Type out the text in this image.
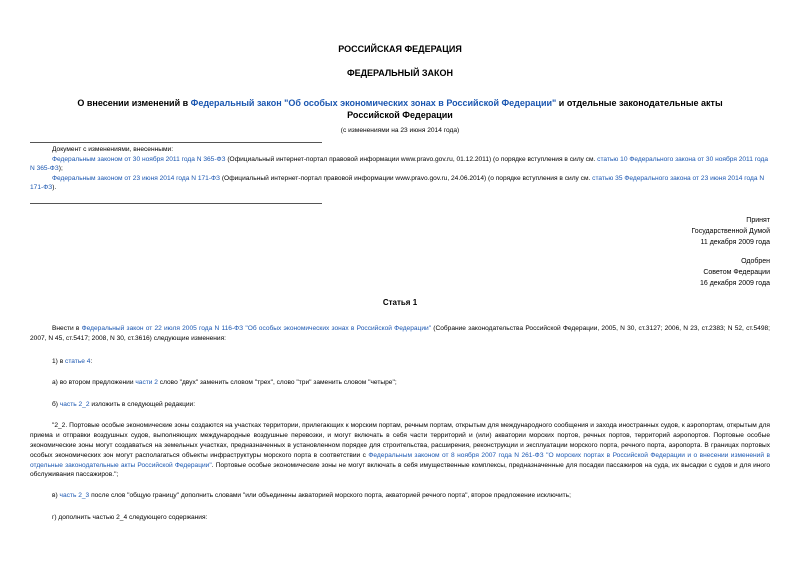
РОССИЙСКАЯ ФЕДЕРАЦИЯ
ФЕДЕРАЛЬНЫЙ ЗАКОН
О внесении изменений в Федеральный закон "Об особых экономических зонах в Российской Федерации" и отдельные законодательные акты Российской Федерации
(с изменениями на 23 июня 2014 года)
Документ с изменениями, внесенными:
Федеральным законом от 30 ноября 2011 года N 365-ФЗ (Официальный интернет-портал правовой информации www.pravo.gov.ru, 01.12.2011) (о порядке вступления в силу см. статью 10 Федерального закона от 30 ноября 2011 года N 365-ФЗ);
Федеральным законом от 23 июня 2014 года N 171-ФЗ (Официальный интернет-портал правовой информации www.pravo.gov.ru, 24.06.2014) (о порядке вступления в силу см. статью 35 Федерального закона от 23 июня 2014 года N 171-ФЗ).
Принят
Государственной Думой
11 декабря 2009 года
Одобрен
Советом Федерации
16 декабря 2009 года
Статья 1
Внести в Федеральный закон от 22 июля 2005 года N 116-ФЗ "Об особых экономических зонах в Российской Федерации" (Собрание законодательства Российской Федерации, 2005, N 30, ст.3127; 2006, N 23, ст.2383; N 52, ст.5498; 2007, N 45, ст.5417; 2008, N 30, ст.3616) следующие изменения:
1) в статье 4:
а) во втором предложении части 2 слово "двух" заменить словом "трех", слово "три" заменить словом "четыре";
б) часть 2_2 изложить в следующей редакции:
"2_2. Портовые особые экономические зоны создаются на участках территории, прилегающих к морским портам, речным портам, открытым для международного сообщения и захода иностранных судов, к аэропортам, открытым для приема и отправки воздушных судов, выполняющих международные воздушные перевозки, и могут включать в себя части территорий и (или) акватории морских портов, речных портов, территорий аэропортов. Портовые особые экономические зоны могут создаваться на земельных участках, предназначенных в установленном порядке для строительства, расширения, реконструкции и эксплуатации морского порта, речного порта, аэропорта. В границах портовых особых экономических зон могут располагаться объекты инфраструктуры морского порта в соответствии с Федеральным законом от 8 ноября 2007 года N 261-ФЗ "О морских портах в Российской Федерации и о внесении изменений в отдельные законодательные акты Российской Федерации". Портовые особые экономические зоны не могут включать в себя имущественные комплексы, предназначенные для посадки пассажиров на суда, их высадки с судов и для иного обслуживания пассажиров.";
в) часть 2_3 после слов "общую границу" дополнить словами "или объединены акваторией морского порта, акваторией речного порта", второе предложение исключить;
г) дополнить частью 2_4 следующего содержания:
